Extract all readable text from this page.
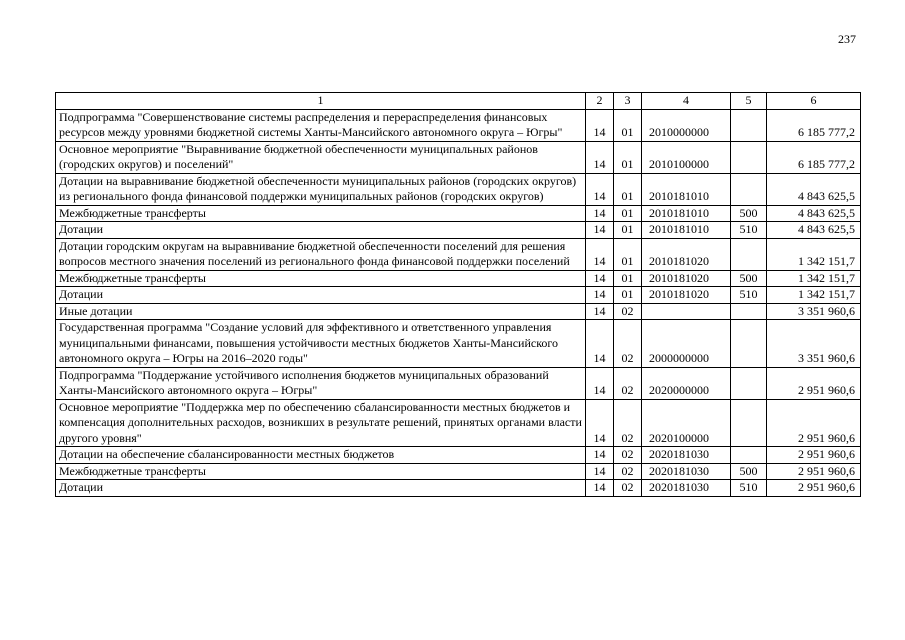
237
1	2	3	4	5	6
Подпрограмма "Совершенствование системы распределения и перераспределения финансовых ресурсов между уровнями бюджетной системы Ханты-Мансийского автономного округа – Югры"	14	01	2010000000		6 185 777,2
Основное мероприятие "Выравнивание бюджетной обеспеченности муниципальных районов (городских округов) и поселений"	14	01	2010100000		6 185 777,2
Дотации на выравнивание бюджетной обеспеченности муниципальных районов (городских округов) из регионального фонда финансовой поддержки муниципальных районов (городских округов)	14	01	2010181010		4 843 625,5
Межбюджетные трансферты	14	01	2010181010	500	4 843 625,5
Дотации	14	01	2010181010	510	4 843 625,5
Дотации городским округам на выравнивание бюджетной обеспеченности поселений для решения вопросов местного значения поселений из регионального фонда финансовой поддержки поселений	14	01	2010181020		1 342 151,7
Межбюджетные трансферты	14	01	2010181020	500	1 342 151,7
Дотации	14	01	2010181020	510	1 342 151,7
Иные дотации	14	02			3 351 960,6
Государственная программа "Создание условий для эффективного и ответственного управления муниципальными финансами, повышения устойчивости местных бюджетов Ханты-Мансийского автономного округа – Югры на 2016–2020 годы"	14	02	2000000000		3 351 960,6
Подпрограмма "Поддержание устойчивого исполнения бюджетов муниципальных образований Ханты-Мансийского автономного округа – Югры"	14	02	2020000000		2 951 960,6
Основное мероприятие "Поддержка мер по обеспечению сбалансированности местных бюджетов и компенсация дополнительных расходов, возникших в результате решений, принятых органами власти другого уровня"	14	02	2020100000		2 951 960,6
Дотации на обеспечение сбалансированности местных бюджетов	14	02	2020181030		2 951 960,6
Межбюджетные трансферты	14	02	2020181030	500	2 951 960,6
Дотации	14	02	2020181030	510	2 951 960,6
